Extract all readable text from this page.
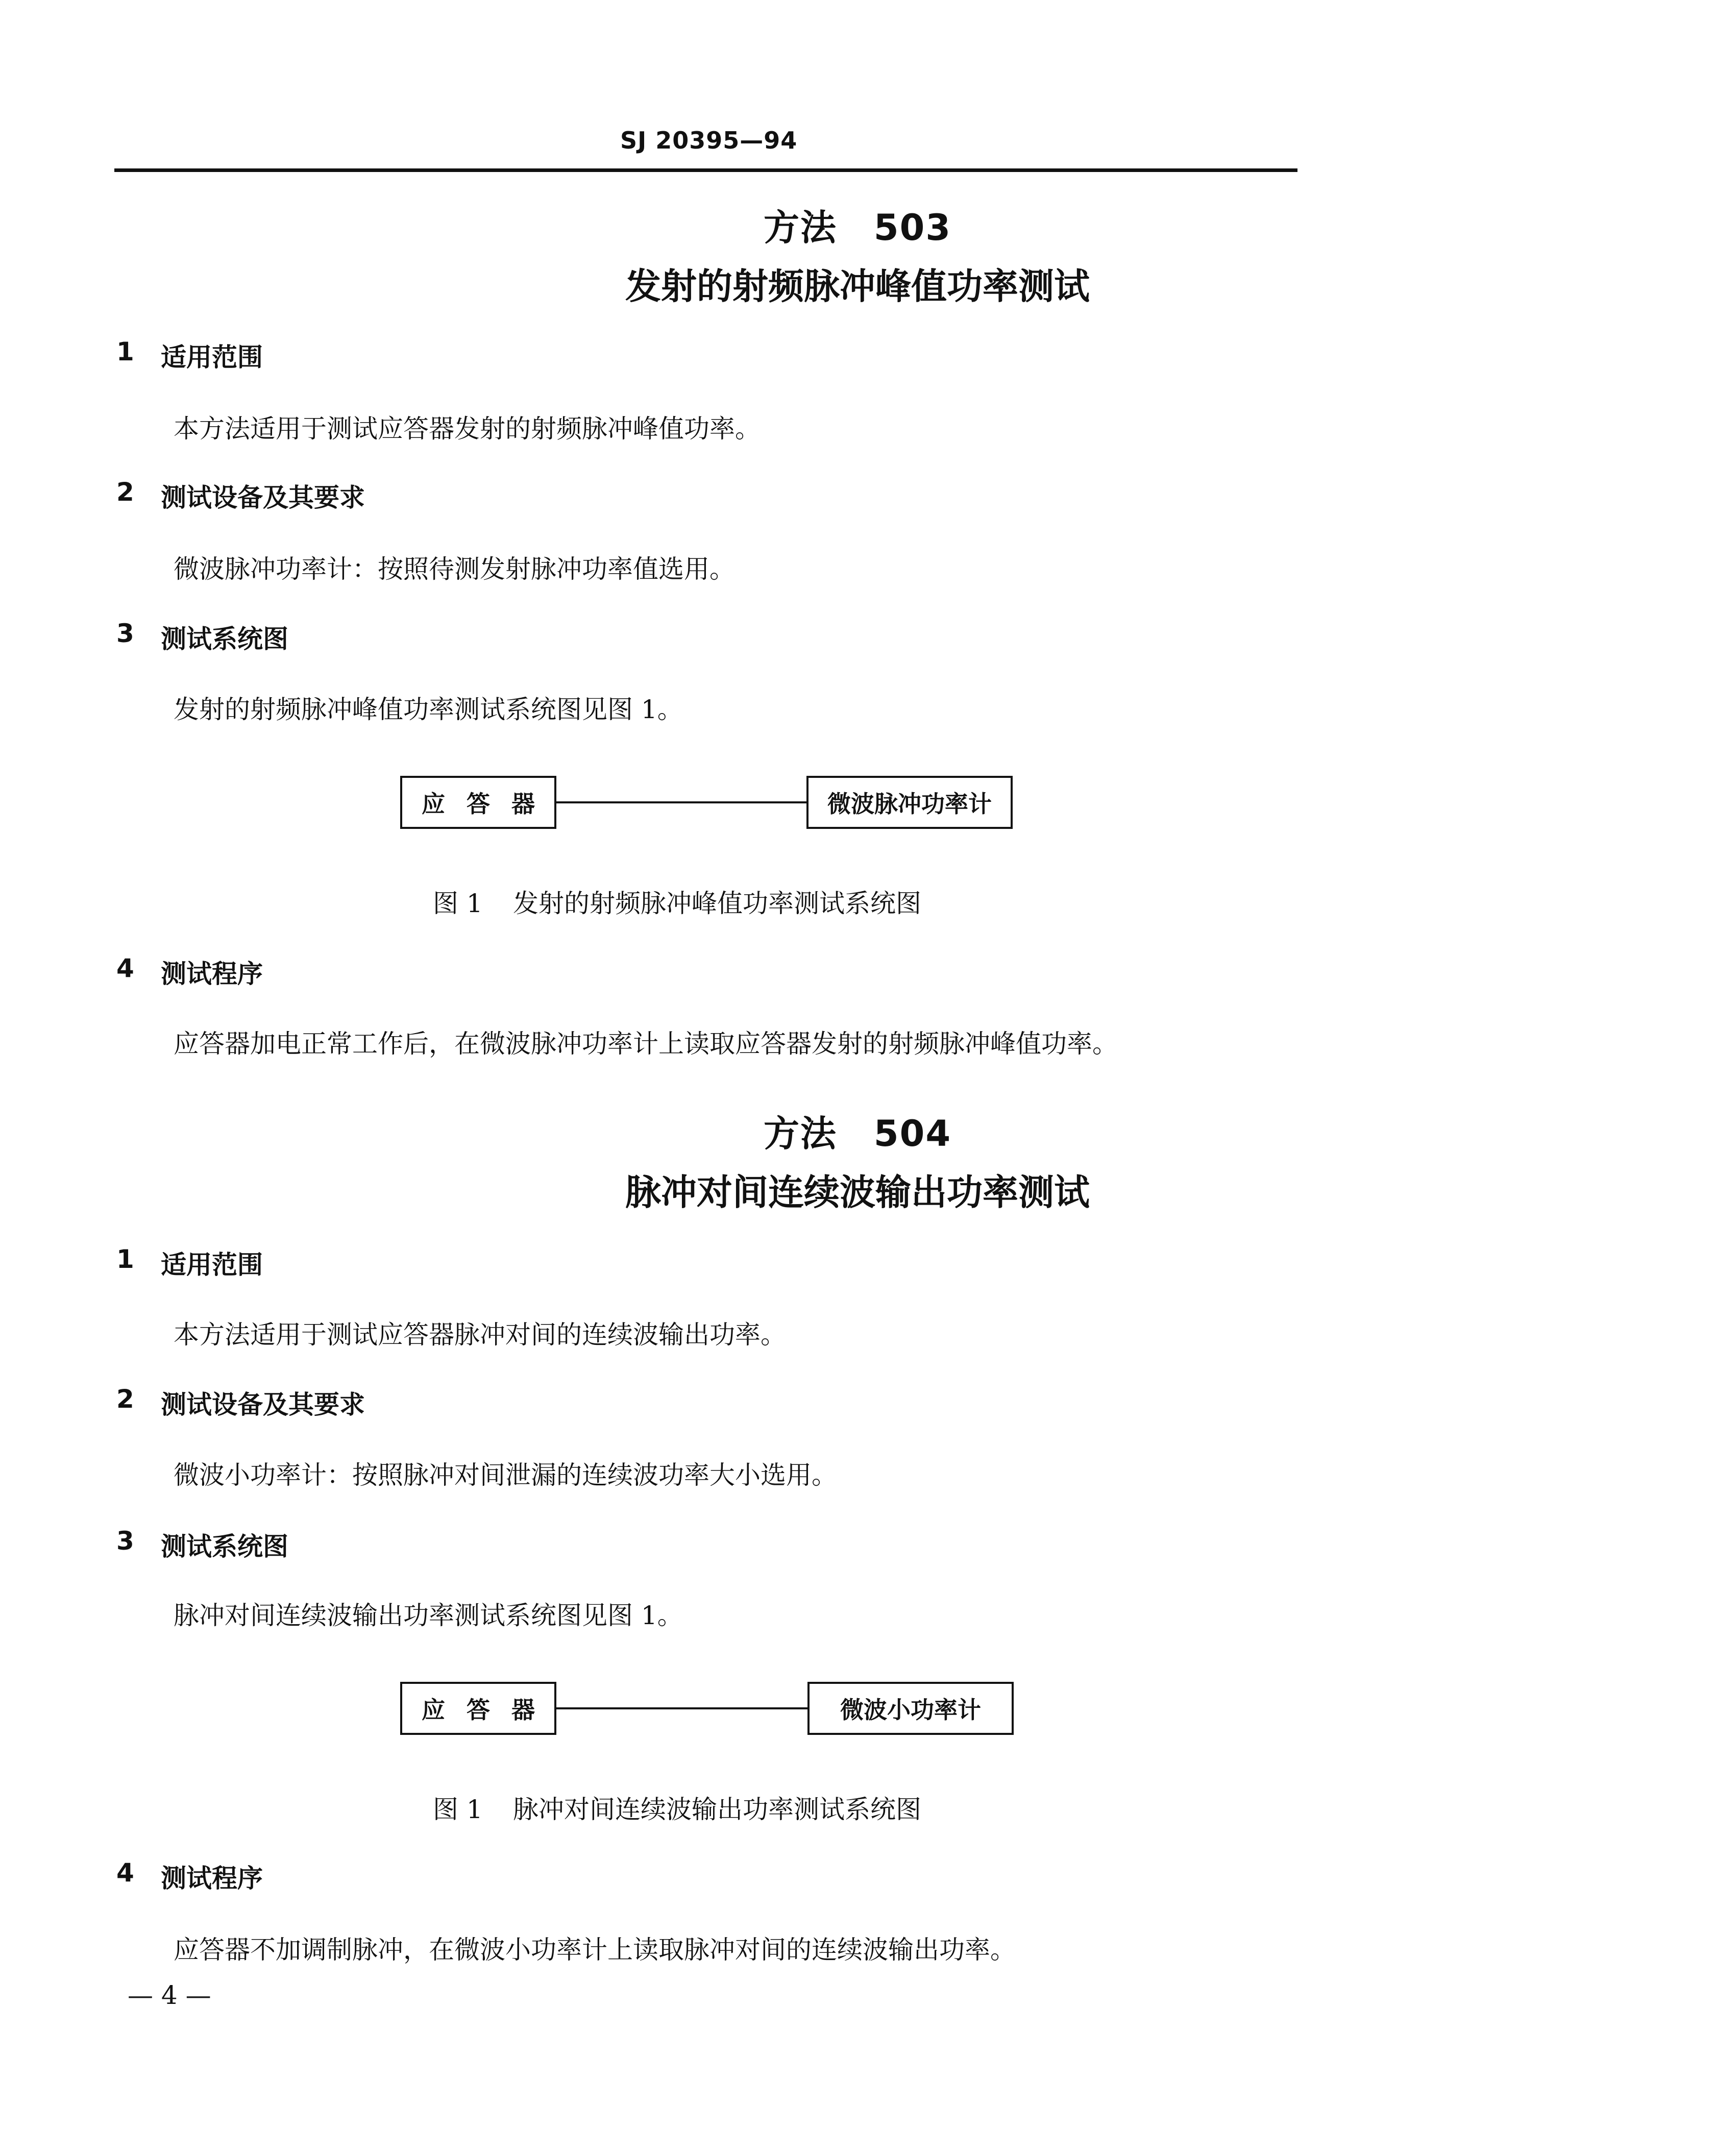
SJ 20395—94
方法　503
发射的射频脉冲峰值功率测试
1 适用范围
本方法适用于测试应答器发射的射频脉冲峰值功率。
2 测试设备及其要求
微波脉冲功率计：按照待测发射脉冲功率值选用。
3 测试系统图
发射的射频脉冲峰值功率测试系统图见图 1。
应答器	微波脉冲功率计
图 1 发射的射频脉冲峰值功率测试系统图
4 测试程序
应答器加电正常工作后，在微波脉冲功率计上读取应答器发射的射频脉冲峰值功率。
方法　504
脉冲对间连续波输出功率测试
1 适用范围
本方法适用于测试应答器脉冲对间的连续波输出功率。
2 测试设备及其要求
微波小功率计：按照脉冲对间泄漏的连续波功率大小选用。
3 测试系统图
脉冲对间连续波输出功率测试系统图见图 1。
应答器	微波小功率计
图 1 脉冲对间连续波输出功率测试系统图
4 测试程序
应答器不加调制脉冲，在微波小功率计上读取脉冲对间的连续波输出功率。
— 4 —
